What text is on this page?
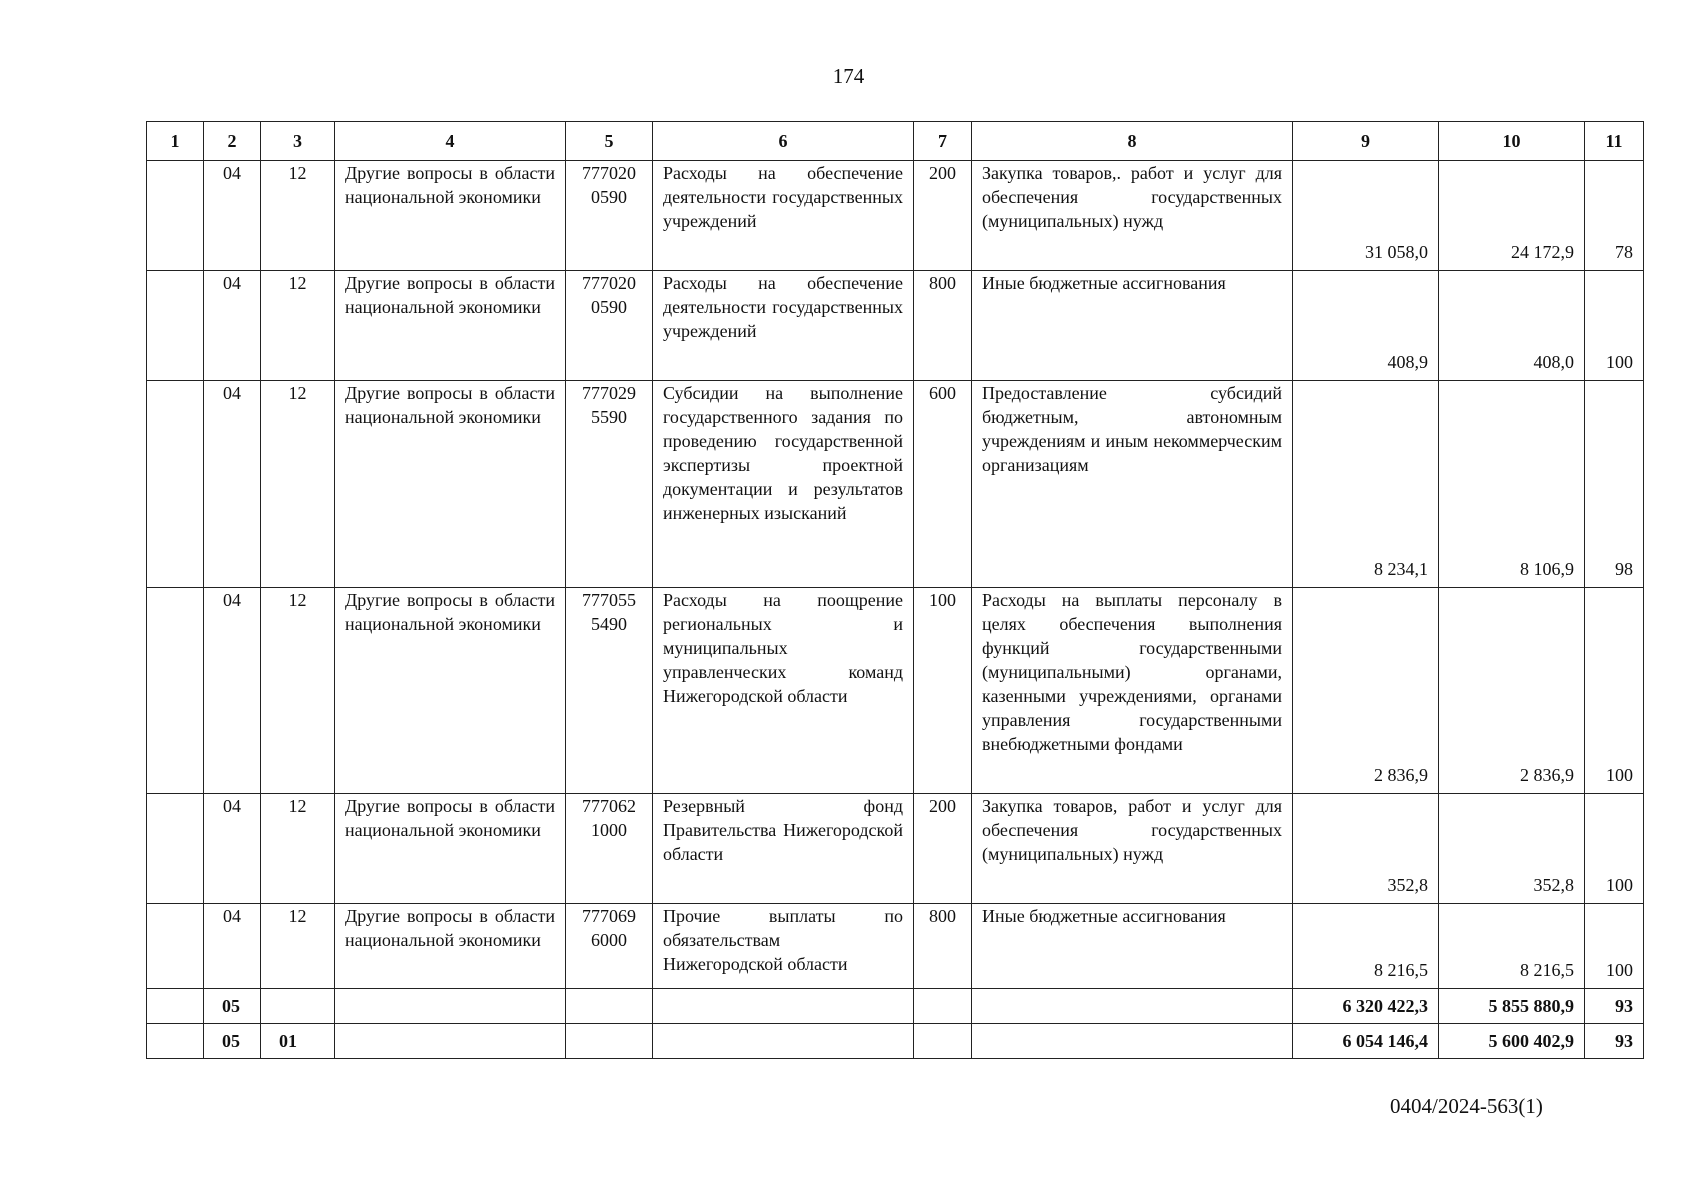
174
1	2	3	4	5	6	7	8	9	10	11
	04	12	Другие вопросы в области национальной экономики	777020 0590	Расходы на обеспечение деятельности государственных учреждений	200	Закупка товаров,. работ и услуг для обеспечения государственных (муниципальных) нужд	31 058,0	24 172,9	78
	04	12	Другие вопросы в области национальной экономики	777020 0590	Расходы на обеспечение деятельности государственных учреждений	800	Иные бюджетные ассигнования	408,9	408,0	100
	04	12	Другие вопросы в области национальной экономики	777029 5590	Субсидии на выполнение государственного задания по проведению государственной экспертизы проектной документации и результатов инженерных изысканий	600	Предоставление субсидий бюджетным, автономным учреждениям и иным некоммерческим организациям	8 234,1	8 106,9	98
	04	12	Другие вопросы в области национальной экономики	777055 5490	Расходы на поощрение региональных и муниципальных управленческих команд Нижегородской области	100	Расходы на выплаты персоналу в целях обеспечения выполнения функций государственными (муниципальными) органами, казенными учреждениями, органами управления государственными внебюджетными фондами	2 836,9	2 836,9	100
	04	12	Другие вопросы в области национальной экономики	777062 1000	Резервный фонд Правительства Нижегородской области	200	Закупка товаров, работ и услуг для обеспечения государственных (муниципальных) нужд	352,8	352,8	100
	04	12	Другие вопросы в области национальной экономики	777069 6000	Прочие выплаты по обязательствам Нижегородской области	800	Иные бюджетные ассигнования	8 216,5	8 216,5	100
	05							6 320 422,3	5 855 880,9	93
	05	01						6 054 146,4	5 600 402,9	93
0404/2024-563(1)
